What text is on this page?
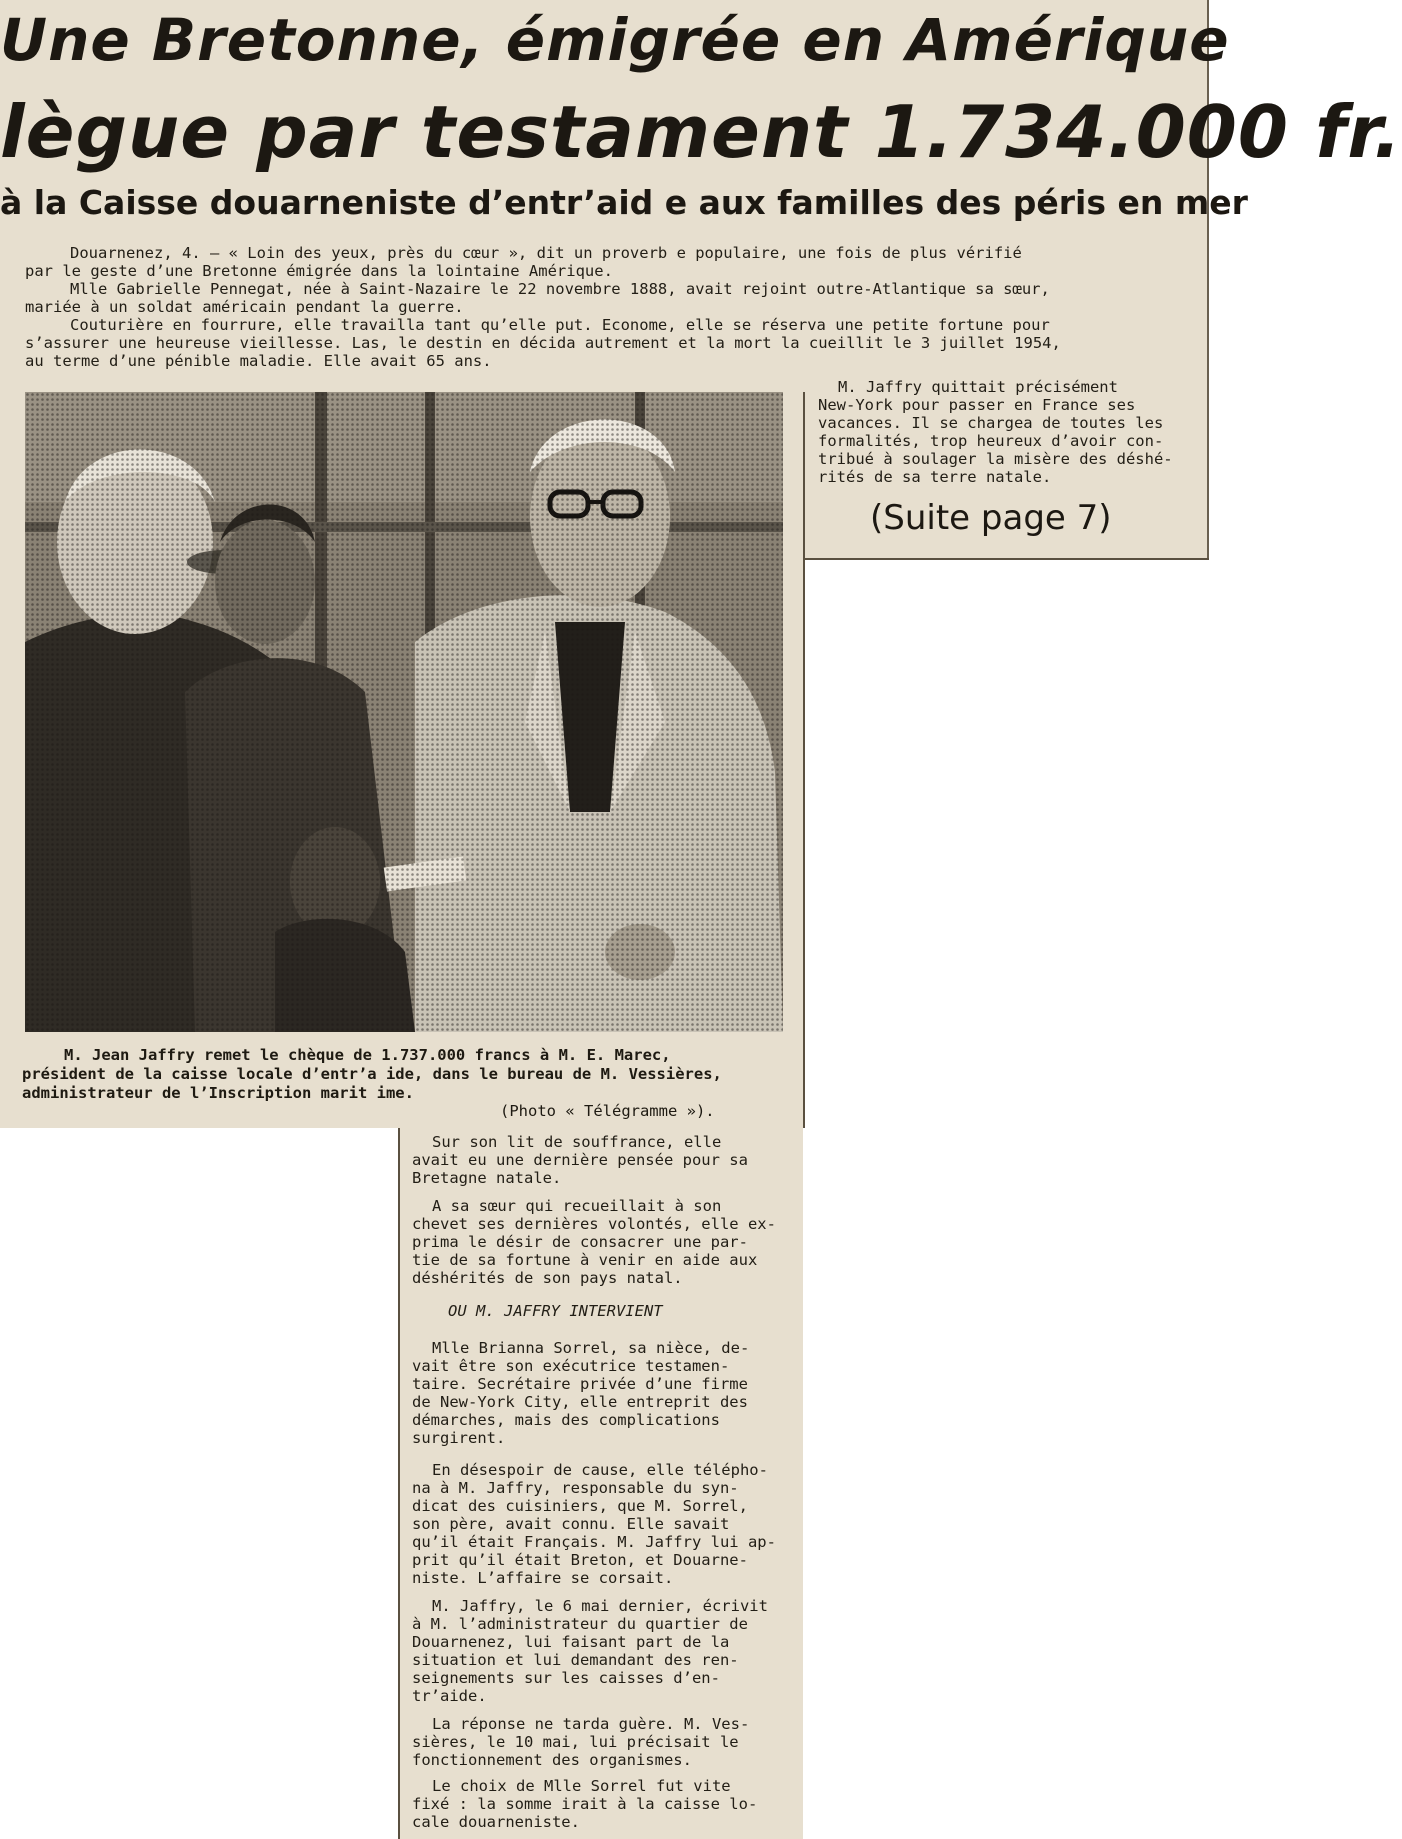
Une Bretonne, émigrée en Amérique
lègue par testament 1.734.000 fr.
à la Caisse douarneniste d’entr’aid e aux familles des péris en mer
Douarnenez, 4. — « Loin des yeux, près du cœur », dit un proverb e populaire, une fois de plus vérifié
par le geste d’une Bretonne émigrée dans la lointaine Amérique.
Mlle Gabrielle Pennegat, née à Saint-Nazaire le 22 novembre 1888, avait rejoint outre-Atlantique sa sœur,
mariée à un soldat américain pendant la guerre.
Couturière en fourrure, elle travailla tant qu’elle put. Econome, elle se réserva une petite fortune pour
s’assurer une heureuse vieillesse. Las, le destin en décida autrement et la mort la cueillit le 3 juillet 1954,
au terme d’une pénible maladie. Elle avait 65 ans.
M. Jaffry quittait précisément
New-York pour passer en France ses
vacances. Il se chargea de toutes les
formalités, trop heureux d’avoir con-
tribué à soulager la misère des déshé-
rités de sa terre natale.
(Suite page 7)
M. Jean Jaffry remet le chèque de 1.737.000 francs à M. E. Marec,
président de la caisse locale d’entr’a ide, dans le bureau de M. Vessières,
administrateur de l’Inscription marit ime.
(Photo « Télégramme »).
Sur son lit de souffrance, elle
avait eu une dernière pensée pour sa
Bretagne natale.
A sa sœur qui recueillait à son
chevet ses dernières volontés, elle ex-
prima le désir de consacrer une par-
tie de sa fortune à venir en aide aux
déshérités de son pays natal.
OU M. JAFFRY INTERVIENT
Mlle Brianna Sorrel, sa nièce, de-
vait être son exécutrice testamen-
taire. Secrétaire privée d’une firme
de New-York City, elle entreprit des
démarches, mais des complications
surgirent.
En désespoir de cause, elle télépho-
na à M. Jaffry, responsable du syn-
dicat des cuisiniers, que M. Sorrel,
son père, avait connu. Elle savait
qu’il était Français. M. Jaffry lui ap-
prit qu’il était Breton, et Douarne-
niste. L’affaire se corsait.
M. Jaffry, le 6 mai dernier, écrivit
à M. l’administrateur du quartier de
Douarnenez, lui faisant part de la
situation et lui demandant des ren-
seignements sur les caisses d’en-
tr’aide.
La réponse ne tarda guère. M. Ves-
sières, le 10 mai, lui précisait le
fonctionnement des organismes.
Le choix de Mlle Sorrel fut vite
fixé : la somme irait à la caisse lo-
cale douarneniste.
